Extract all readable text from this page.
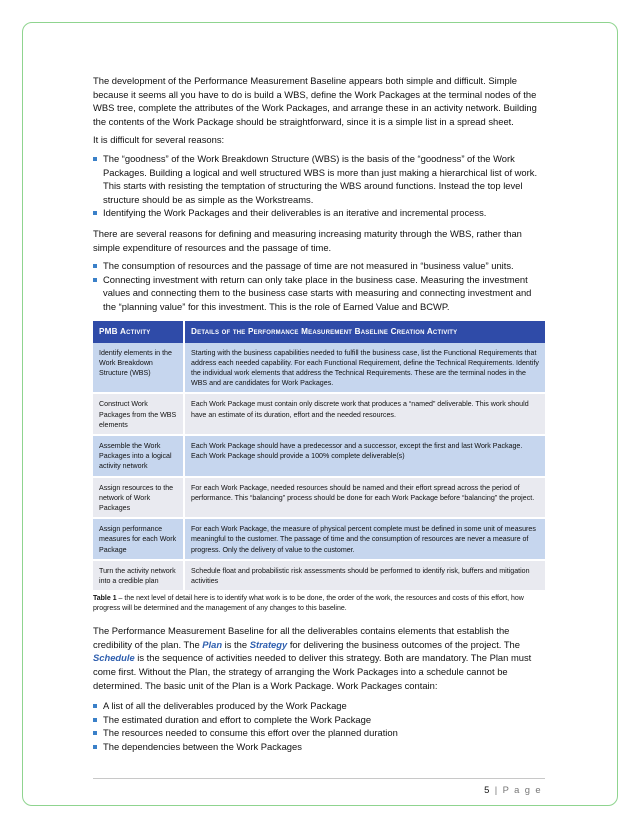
The development of the Performance Measurement Baseline appears both simple and difficult. Simple because it seems all you have to do is build a WBS, define the Work Packages at the terminal nodes of the WBS tree, complete the attributes of the Work Packages, and arrange these in an activity network. Building the contents of the Work Package should be straightforward, since it is a simple list in a spread sheet.

It is difficult for several reasons:

The “goodness” of the Work Breakdown Structure (WBS) is the basis of the “goodness” of the Work Packages. Building a logical and well structured WBS is more than just making a hierarchical list of work. This starts with resisting the temptation of structuring the WBS around functions. Instead the top level structure should be as simple as the Workstreams.
Identifying the Work Packages and their deliverables is an iterative and incremental process.

There are several reasons for defining and measuring increasing maturity through the WBS, rather than simple expenditure of resources and the passage of time.

The consumption of resources and the passage of time are not measured in “business value” units.
Connecting investment with return can only take place in the business case. Measuring the investment values and connecting them to the business case starts with measuring and connecting investment and the “planning value” for this investment. This is the role of Earned Value and BCWP.
PMB Activity	Details of the Performance Measurement Baseline Creation Activity
Identify elements in the Work Breakdown Structure (WBS)	Starting with the business capabilities needed to fulfill the business case, list the Functional Requirements that address each needed capability. For each Functional Requirement, define the Technical Requirements. Identify the individual work elements that address the Technical Requirements. These are the terminal nodes in the WBS and are candidates for Work Packages.
Construct Work Packages from the WBS elements	Each Work Package must contain only discrete work that produces a “named” deliverable. This work should have an estimate of its duration, effort and the needed resources.
Assemble the Work Packages into a logical activity network	Each Work Package should have a predecessor and a successor, except the first and last Work Package. Each Work Package should provide a 100% complete deliverable(s)
Assign resources to the network of Work Packages	For each Work Package, needed resources should be named and their effort spread across the period of performance. This “balancing” process should be done for each Work Package before “balancing” the project.
Assign performance measures for each Work Package	For each Work Package, the measure of physical percent complete must be defined in some unit of measures meaningful to the customer. The passage of time and the consumption of resources are never a measure of progress. Only the delivery of value to the customer.
Turn the activity network into a credible plan	Schedule float and probabilistic risk assessments should be performed to identify risk, buffers and mitigation activities

Table 1 – the next level of detail here is to identify what work is to be done, the order of the work, the resources and costs of this effort, how progress will be determined and the management of any changes to this baseline.

The Performance Measurement Baseline for all the deliverables contains elements that establish the credibility of the plan. The Plan is the Strategy for delivering the business outcomes of the project. The Schedule is the sequence of activities needed to deliver this strategy. Both are mandatory. The Plan must come first. Without the Plan, the strategy of arranging the Work Packages into a schedule cannot be determined. The basic unit of the Plan is a Work Package. Work Packages contain:

A list of all the deliverables produced by the Work Package
The estimated duration and effort to complete the Work Package
The resources needed to consume this effort over the planned duration
The dependencies between the Work Packages
5 | P a g e
